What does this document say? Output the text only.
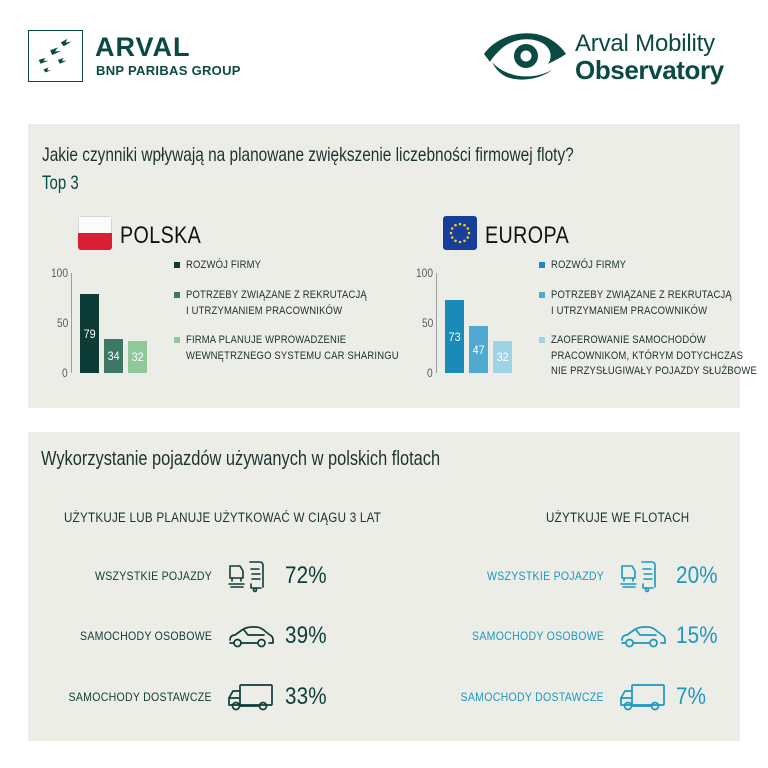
ARVAL
BNP PARIBAS GROUP
Arval Mobility
Observatory
Jakie czynniki wpływają na planowane zwiększenie liczebności firmowej floty?
Top 3
POLSKA
100
50
0
79
34 32
ROZWÓJ FIRMY
POTRZEBY ZWIĄZANE Z REKRUTACJĄ
I UTRZYMANIEM PRACOWNIKÓW
FIRMA PLANUJE WPROWADZENIE
WEWNĘTRZNEGO SYSTEMU CAR SHARINGU
EUROPA
100
50
0
73
47
32
ROZWÓJ FIRMY
POTRZEBY ZWIĄZANE Z REKRUTACJĄ
I UTRZYMANIEM PRACOWNIKÓW
ZAOFEROWANIE SAMOCHODÓW
PRACOWNIKOM, KTÓRYM DOTYCHCZAS
NIE PRZYSŁUGIWAŁY POJAZDY SŁUŻBOWE
Wykorzystanie pojazdów używanych w polskich flotach
UŻYTKUJE LUB PLANUJE UŻYTKOWAĆ W CIĄGU 3 LAT	UŻYTKUJE WE FLOTACH
WSZYSTKIE POJAZDY	72%
SAMOCHODY OSOBOWE	39%
SAMOCHODY DOSTAWCZE	33%
WSZYSTKIE POJAZDY	20%
SAMOCHODY OSOBOWE	15%
SAMOCHODY DOSTAWCZE	7%
